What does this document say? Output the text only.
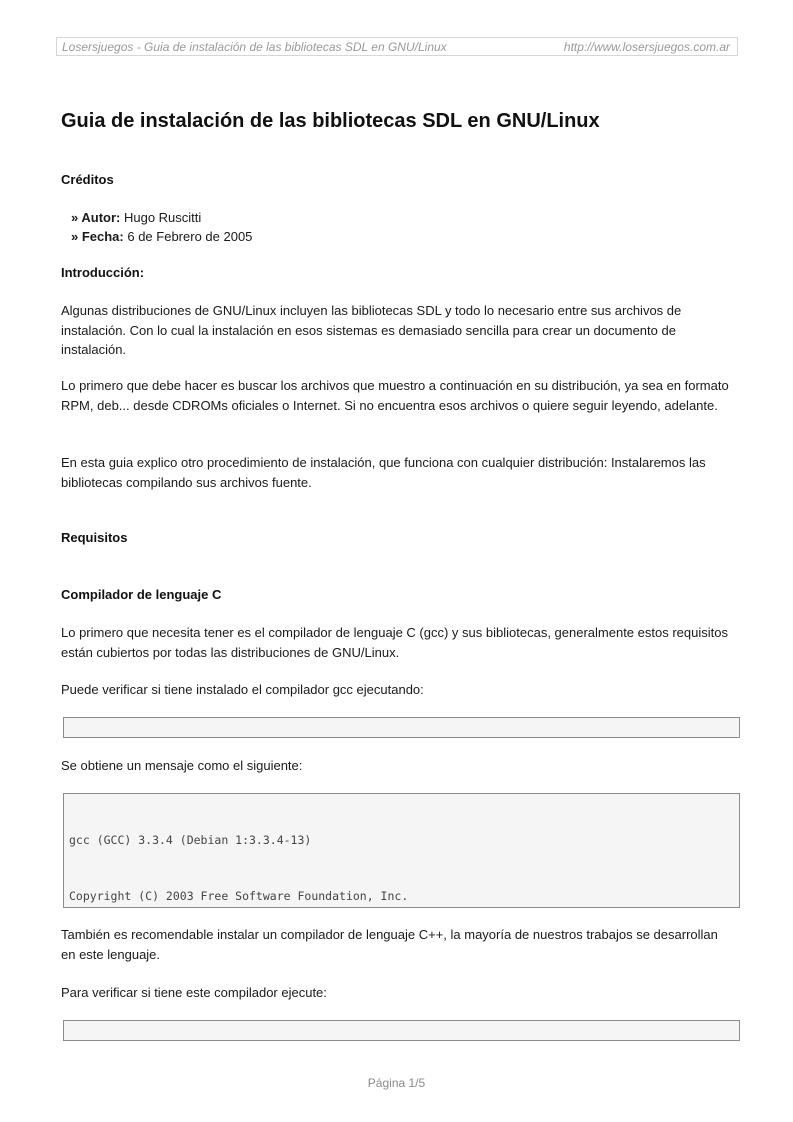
Losersjuegos - Guia de instalación de las bibliotecas SDL en GNU/Linux	http://www.losersjuegos.com.ar
Guia de instalación de las bibliotecas SDL en GNU/Linux
Créditos
» Autor: Hugo Ruscitti
» Fecha: 6 de Febrero de 2005
Introducción:

Algunas distribuciones de GNU/Linux incluyen las bibliotecas SDL y todo lo necesario entre sus archivos de instalación. Con lo cual la instalación en esos sistemas es demasiado sencilla para crear un documento de instalación.

Lo primero que debe hacer es buscar los archivos que muestro a continuación en su distribución, ya sea en formato RPM, deb... desde CDROMs oficiales o Internet. Si no encuentra esos archivos o quiere seguir leyendo, adelante.

En esta guia explico otro procedimiento de instalación, que funciona con cualquier distribución: Instalaremos las bibliotecas compilando sus archivos fuente.

Requisitos
Compilador de lenguaje C

Lo primero que necesita tener es el compilador de lenguaje C (gcc) y sus bibliotecas, generalmente estos requisitos están cubiertos por todas las distribuciones de GNU/Linux.

Puede verificar si tiene instalado el compilador gcc ejecutando:

Se obtiene un mensaje como el siguiente:

gcc (GCC) 3.3.4 (Debian 1:3.3.4-13)

Copyright (C) 2003 Free Software Foundation, Inc.

También es recomendable instalar un compilador de lenguaje C++, la mayoría de nuestros trabajos se desarrollan en este lenguaje.

Para verificar si tiene este compilador ejecute:

Página 1/5
